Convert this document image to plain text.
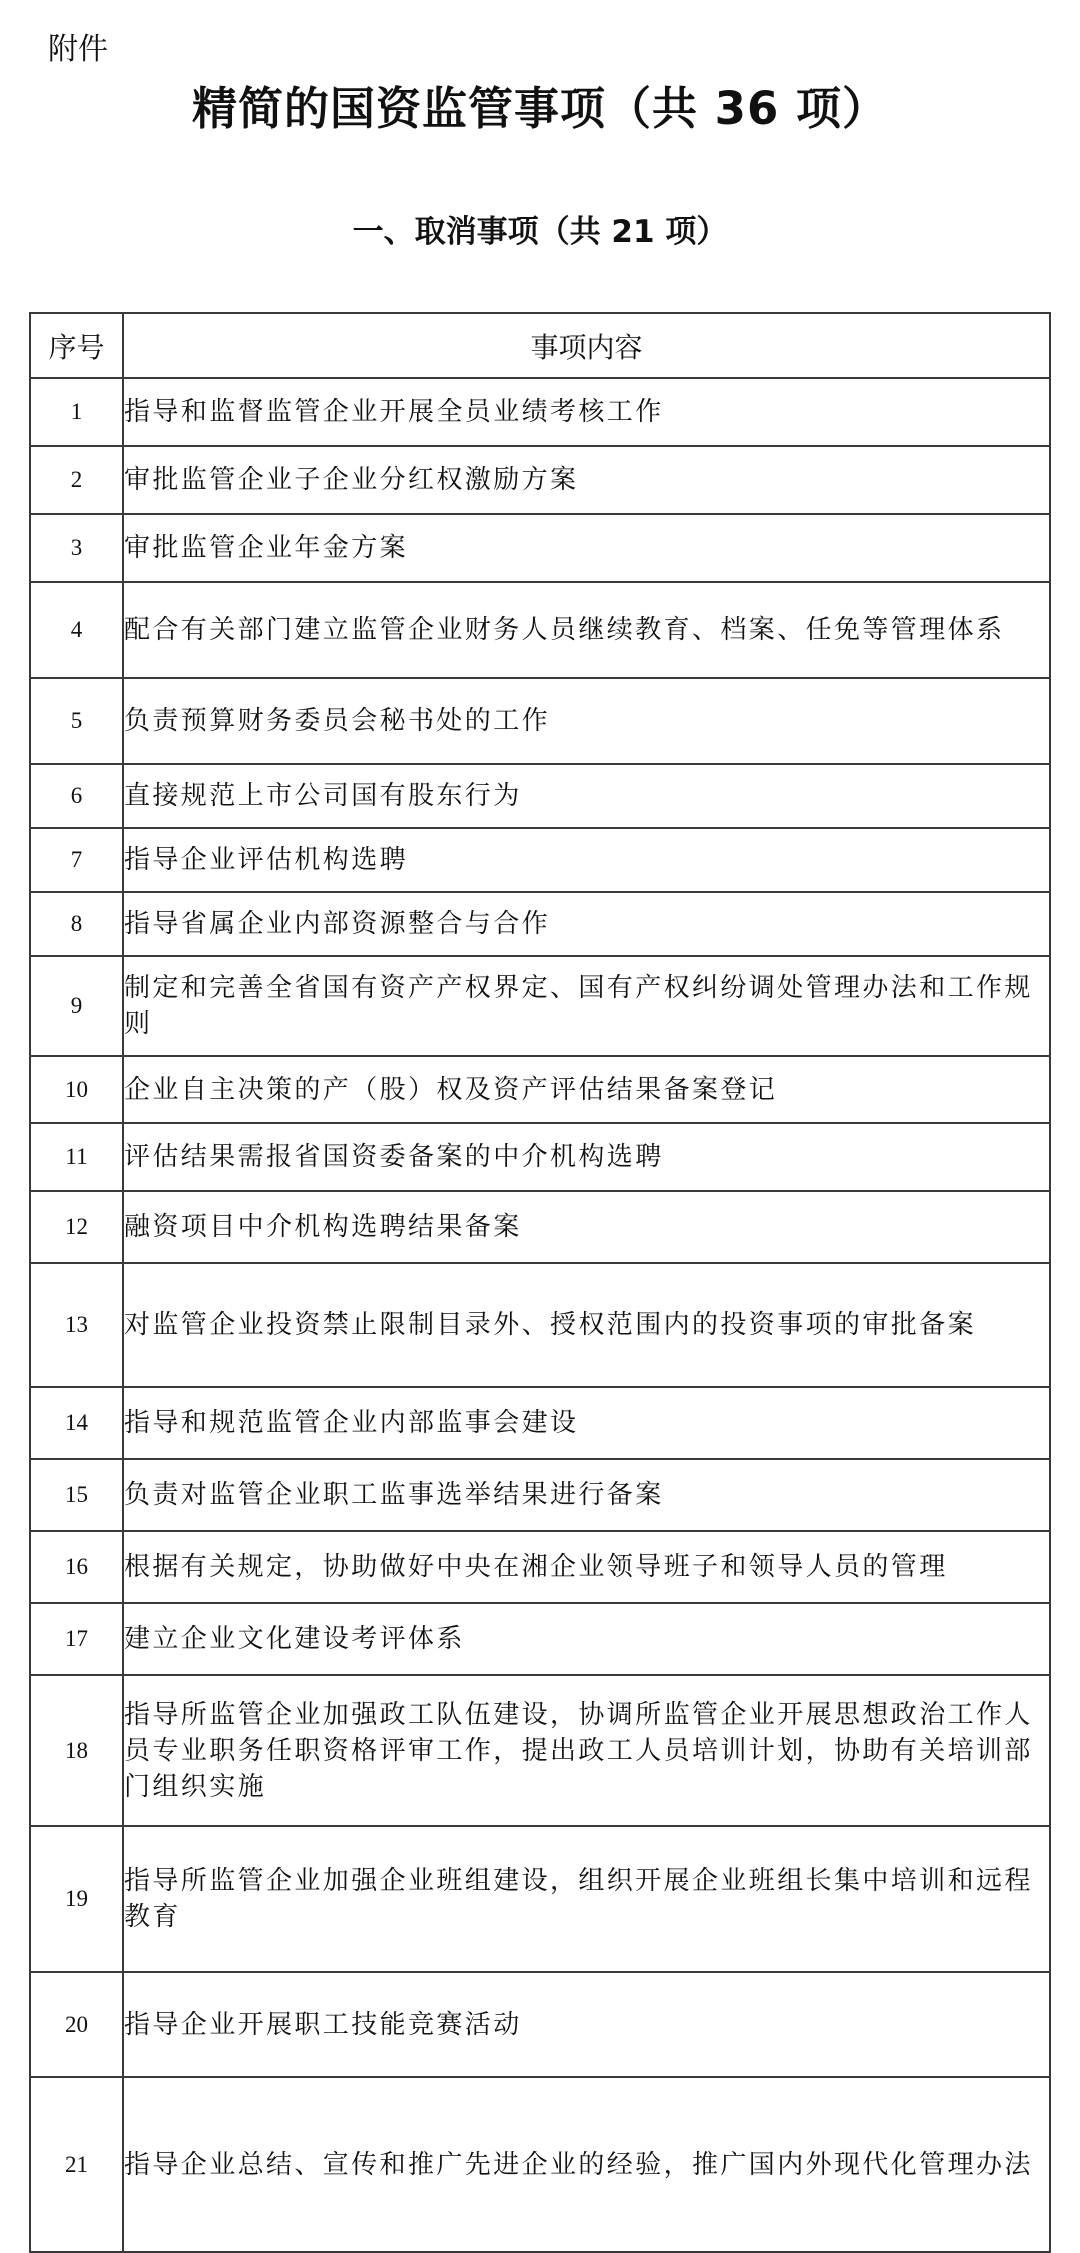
附件
精简的国资监管事项（共 36 项）
一、取消事项（共 21 项）
序号	事项内容
1	指导和监督监管企业开展全员业绩考核工作
2	审批监管企业子企业分红权激励方案
3	审批监管企业年金方案
4	配合有关部门建立监管企业财务人员继续教育、档案、任免等管理体系
5	负责预算财务委员会秘书处的工作
6	直接规范上市公司国有股东行为
7	指导企业评估机构选聘
8	指导省属企业内部资源整合与合作
9	制定和完善全省国有资产产权界定、国有产权纠纷调处管理办法和工作规则
10	企业自主决策的产（股）权及资产评估结果备案登记
11	评估结果需报省国资委备案的中介机构选聘
12	融资项目中介机构选聘结果备案
13	对监管企业投资禁止限制目录外、授权范围内的投资事项的审批备案
14	指导和规范监管企业内部监事会建设
15	负责对监管企业职工监事选举结果进行备案
16	根据有关规定，协助做好中央在湘企业领导班子和领导人员的管理
17	建立企业文化建设考评体系
18	指导所监管企业加强政工队伍建设，协调所监管企业开展思想政治工作人员专业职务任职资格评审工作，提出政工人员培训计划，协助有关培训部门组织实施
19	指导所监管企业加强企业班组建设，组织开展企业班组长集中培训和远程教育
20	指导企业开展职工技能竞赛活动
21	指导企业总结、宣传和推广先进企业的经验，推广国内外现代化管理办法
